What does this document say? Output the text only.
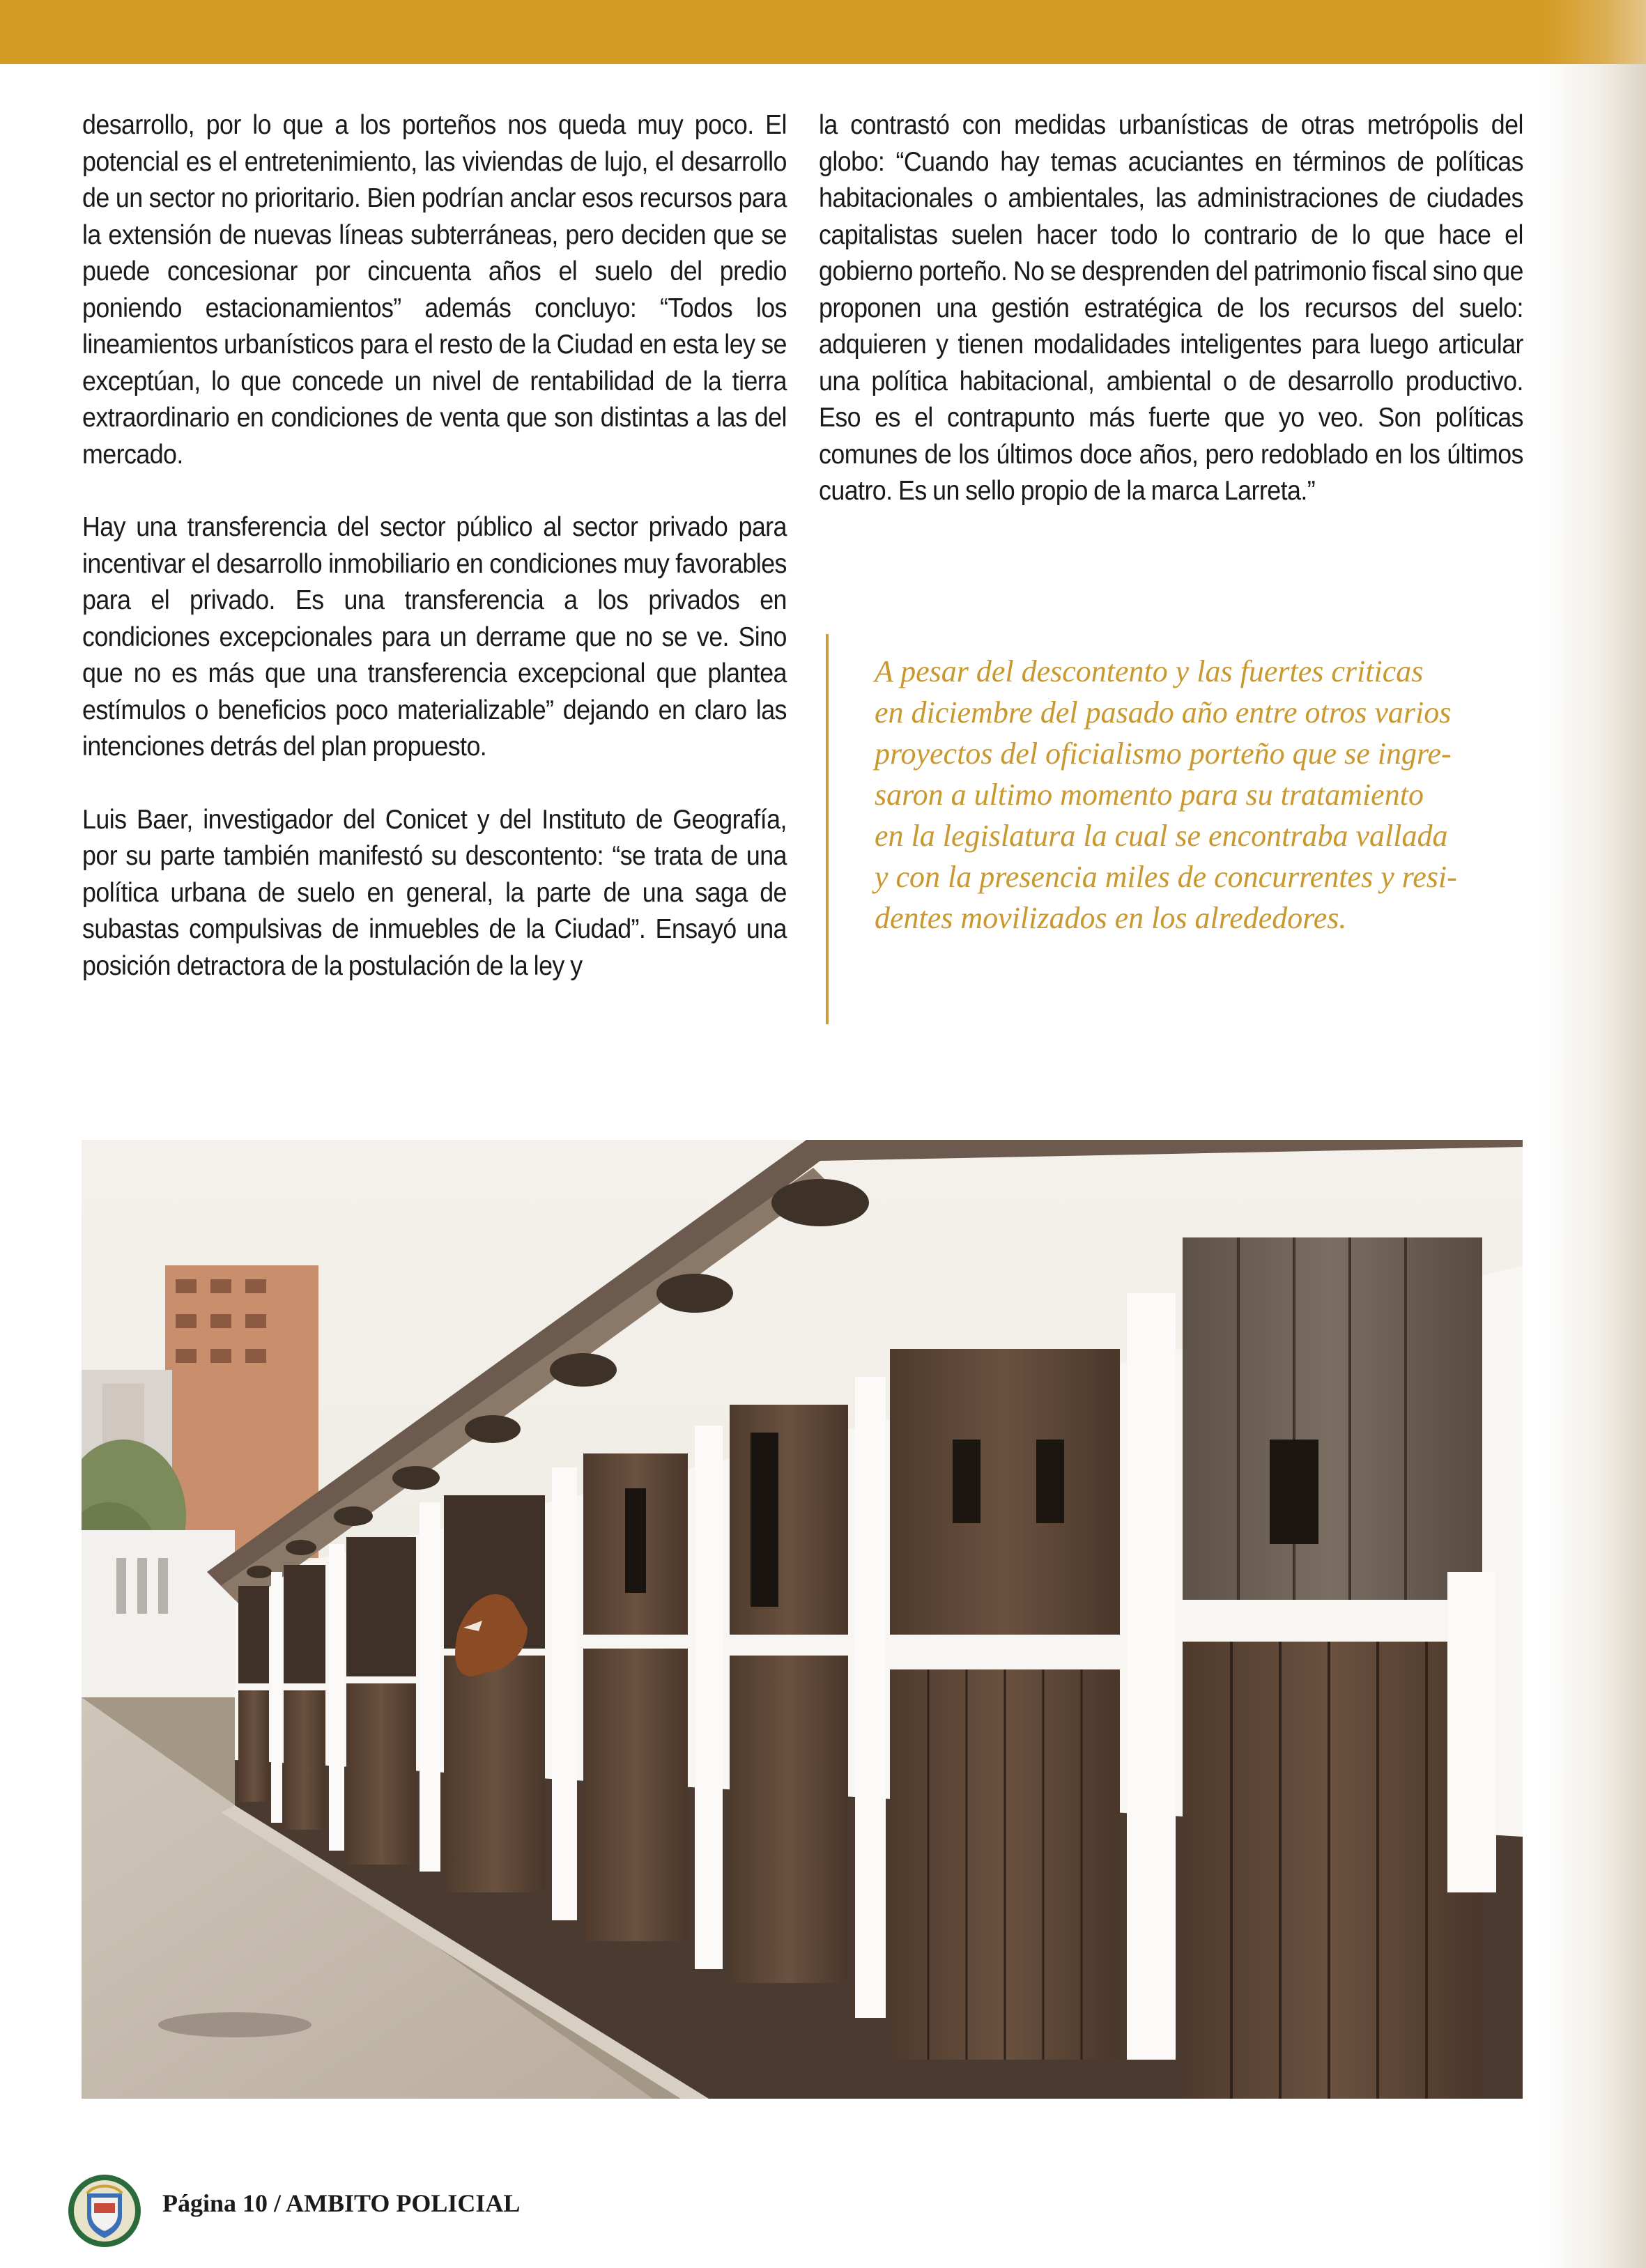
desarrollo, por lo que a los porteños nos queda muy poco. El potencial es el entretenimiento, las viviendas de lujo, el desarrollo de un sector no prioritario. Bien podrían anclar esos recursos para la extensión de nuevas líneas subterráneas, pero deciden que se puede concesionar por cincuenta años el suelo del predio poniendo estacionamientos” además concluyo: “Todos los lineamientos urbanísticos para el resto de la Ciudad en esta ley se exceptúan, lo que concede un nivel de rentabilidad de la tierra extraordinario en condiciones de venta que son distintas a las del mercado.

Hay una transferencia del sector público al sector privado para incentivar el desarrollo inmobiliario en condiciones muy favorables para el privado. Es una transferencia a los privados en condiciones excepcionales para un derrame que no se ve. Sino que no es más que una transferencia excepcional que plantea estímulos o beneficios poco materializable” dejando en claro las intenciones detrás del plan propuesto.

Luis Baer, investigador del Conicet y del Instituto de Geografía, por su parte también manifestó su descontento: “se trata de una política urbana de suelo en general, la parte de una saga de subastas compulsivas de inmuebles de la Ciudad”. Ensayó una posición detractora de la postulación de la ley y

la contrastó con medidas urbanísticas de otras metrópolis del globo: “Cuando hay temas acuciantes en términos de políticas habitacionales o ambientales, las administraciones de ciudades capitalistas suelen hacer todo lo contrario de lo que hace el gobierno porteño. No se desprenden del patrimonio fiscal sino que proponen una gestión estratégica de los recursos del suelo: adquieren y tienen modalidades inteligentes para luego articular una política habitacional, ambiental o de desarrollo productivo. Eso es el contrapunto más fuerte que yo veo. Son políticas comunes de los últimos doce años, pero redoblado en los últimos cuatro. Es un sello propio de la marca Larreta.”

A pesar del descontento y las fuertes criticas
en diciembre del pasado año entre otros varios
proyectos del oficialismo porteño que se ingre-
saron a ultimo momento para su tratamiento
en la legislatura la cual se encontraba vallada
y con la presencia miles de concurrentes y resi-
dentes movilizados en los alrededores.

Página 10 / AMBITO POLICIAL
